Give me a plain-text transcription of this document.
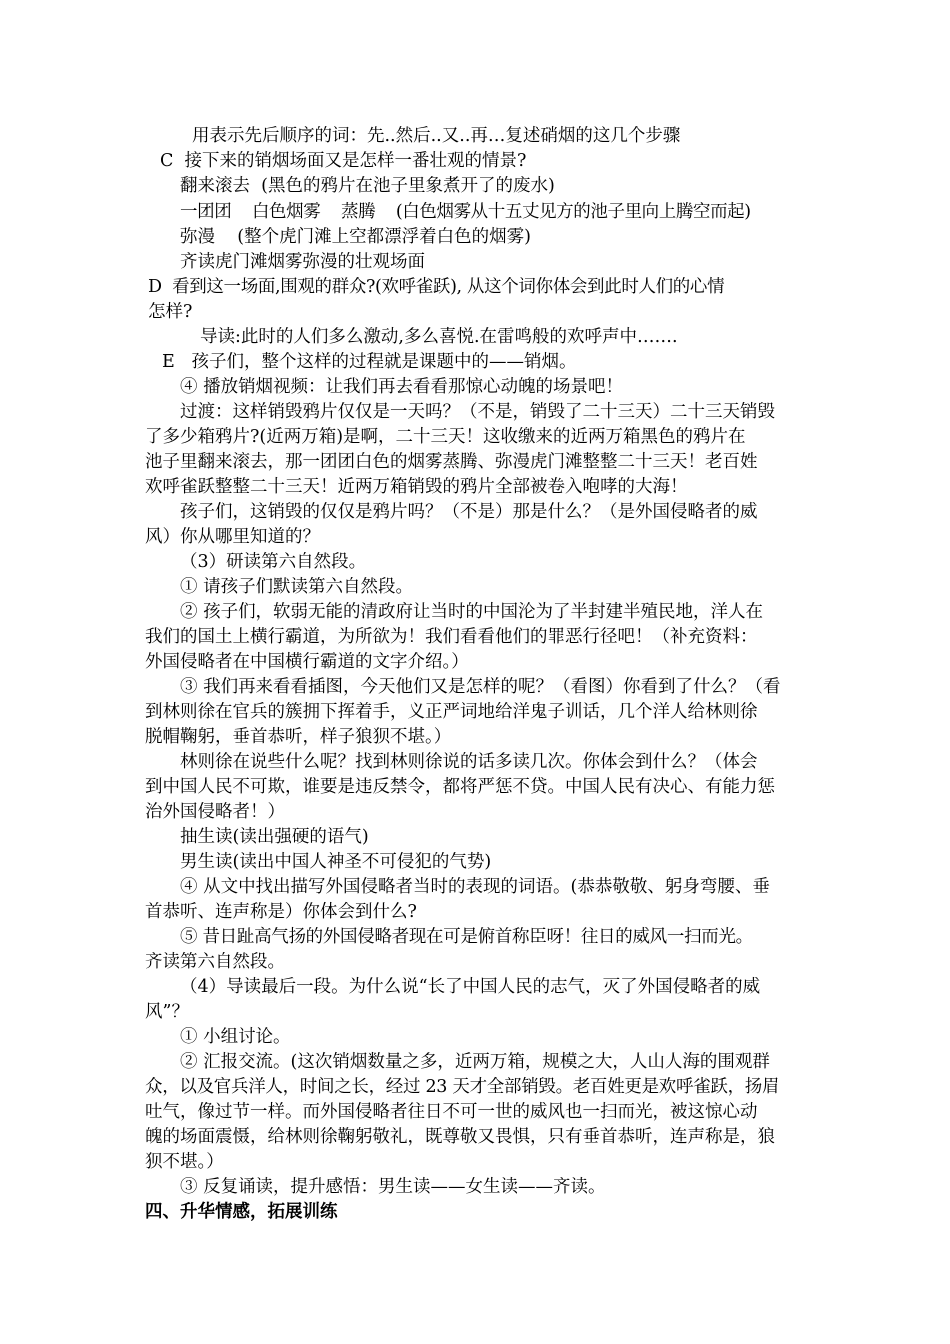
用表示先后顺序的词：先..然后..又..再…复述硝烟的这几个步骤
C  接下来的销烟场面又是怎样一番壮观的情景?
翻来滚去  (黑色的鸦片在池子里象煮开了的废水)
一团团    白色烟雾    蒸腾    (白色烟雾从十五丈见方的池子里向上腾空而起)
弥漫    (整个虎门滩上空都漂浮着白色的烟雾)
齐读虎门滩烟雾弥漫的壮观场面
D  看到这一场面,围观的群众?(欢呼雀跃), 从这个词你体会到此时人们的心情
怎样?
导读:此时的人们多么激动,多么喜悦.在雷鸣般的欢呼声中…….
E   孩子们，整个这样的过程就是课题中的——销烟。
④ 播放销烟视频：让我们再去看看那惊心动魄的场景吧！
过渡：这样销毁鸦片仅仅是一天吗？（不是，销毁了二十三天）二十三天销毁
了多少箱鸦片?(近两万箱)是啊，二十三天！这收缴来的近两万箱黑色的鸦片在
池子里翻来滚去，那一团团白色的烟雾蒸腾、弥漫虎门滩整整二十三天！老百姓
欢呼雀跃整整二十三天！近两万箱销毁的鸦片全部被卷入咆哮的大海！
孩子们，这销毁的仅仅是鸦片吗？（不是）那是什么？（是外国侵略者的威
风）你从哪里知道的？
（3）研读第六自然段。
① 请孩子们默读第六自然段。
② 孩子们，软弱无能的清政府让当时的中国沦为了半封建半殖民地，洋人在
我们的国土上横行霸道，为所欲为！我们看看他们的罪恶行径吧！（补充资料：
外国侵略者在中国横行霸道的文字介绍。）
③ 我们再来看看插图，今天他们又是怎样的呢？（看图）你看到了什么？（看
到林则徐在官兵的簇拥下挥着手，义正严词地给洋鬼子训话，几个洋人给林则徐
脱帽鞠躬，垂首恭听，样子狼狈不堪。）
林则徐在说些什么呢？找到林则徐说的话多读几次。你体会到什么？（体会
到中国人民不可欺，谁要是违反禁令，都将严惩不贷。中国人民有决心、有能力惩
治外国侵略者！）
抽生读(读出强硬的语气)
男生读(读出中国人神圣不可侵犯的气势)
④ 从文中找出描写外国侵略者当时的表现的词语。(恭恭敬敬、躬身弯腰、垂
首恭听、连声称是）你体会到什么?
⑤ 昔日趾高气扬的外国侵略者现在可是俯首称臣呀！往日的威风一扫而光。
齐读第六自然段。
（4）导读最后一段。为什么说“长了中国人民的志气，灭了外国侵略者的威
风”？
① 小组讨论。
② 汇报交流。(这次销烟数量之多，近两万箱，规模之大，人山人海的围观群
众，以及官兵洋人，时间之长，经过 23 天才全部销毁。老百姓更是欢呼雀跃，扬眉
吐气，像过节一样。而外国侵略者往日不可一世的威风也一扫而光，被这惊心动
魄的场面震慑，给林则徐鞠躬敬礼，既尊敬又畏惧，只有垂首恭听，连声称是，狼
狈不堪。）
③ 反复诵读，提升感悟：男生读——女生读——齐读。
四、升华情感，拓展训练
